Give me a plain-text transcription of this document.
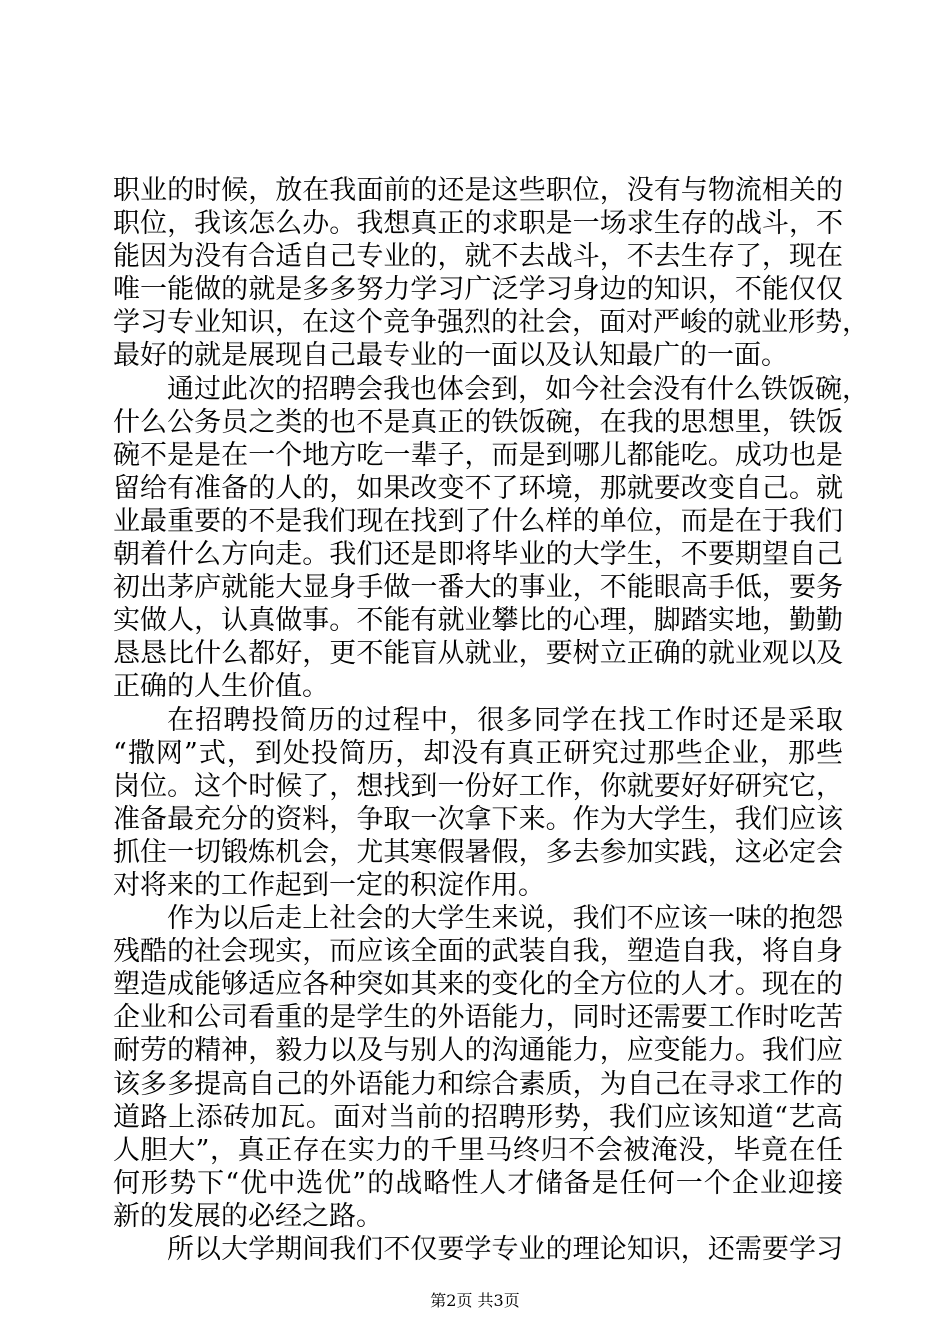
职业的时候，放在我面前的还是这些职位，没有与物流相关的
职位，我该怎么办。我想真正的求职是一场求生存的战斗，不
能因为没有合适自己专业的，就不去战斗，不去生存了，现在
唯一能做的就是多多努力学习广泛学习身边的知识，不能仅仅
学习专业知识，在这个竞争强烈的社会，面对严峻的就业形势，
最好的就是展现自己最专业的一面以及认知最广的一面。
通过此次的招聘会我也体会到，如今社会没有什么铁饭碗，
什么公务员之类的也不是真正的铁饭碗，在我的思想里，铁饭
碗不是是在一个地方吃一辈子，而是到哪儿都能吃。成功也是
留给有准备的人的，如果改变不了环境，那就要改变自己。就
业最重要的不是我们现在找到了什么样的单位，而是在于我们
朝着什么方向走。我们还是即将毕业的大学生，不要期望自己
初出茅庐就能大显身手做一番大的事业，不能眼高手低，要务
实做人，认真做事。不能有就业攀比的心理，脚踏实地，勤勤
恳恳比什么都好，更不能盲从就业，要树立正确的就业观以及
正确的人生价值。
在招聘投简历的过程中，很多同学在找工作时还是采取
“撒网”式，到处投简历，却没有真正研究过那些企业，那些
岗位。这个时候了，想找到一份好工作，你就要好好研究它，
准备最充分的资料，争取一次拿下来。作为大学生，我们应该
抓住一切锻炼机会，尤其寒假暑假，多去参加实践，这必定会
对将来的工作起到一定的积淀作用。
作为以后走上社会的大学生来说，我们不应该一味的抱怨
残酷的社会现实，而应该全面的武装自我，塑造自我，将自身
塑造成能够适应各种突如其来的变化的全方位的人才。现在的
企业和公司看重的是学生的外语能力，同时还需要工作时吃苦
耐劳的精神，毅力以及与别人的沟通能力，应变能力。我们应
该多多提高自己的外语能力和综合素质，为自己在寻求工作的
道路上添砖加瓦。面对当前的招聘形势，我们应该知道“艺高
人胆大”，真正存在实力的千里马终归不会被淹没，毕竟在任
何形势下“优中选优”的战略性人才储备是任何一个企业迎接
新的发展的必经之路。
所以大学期间我们不仅要学专业的理论知识，还需要学习
第2页 共3页
